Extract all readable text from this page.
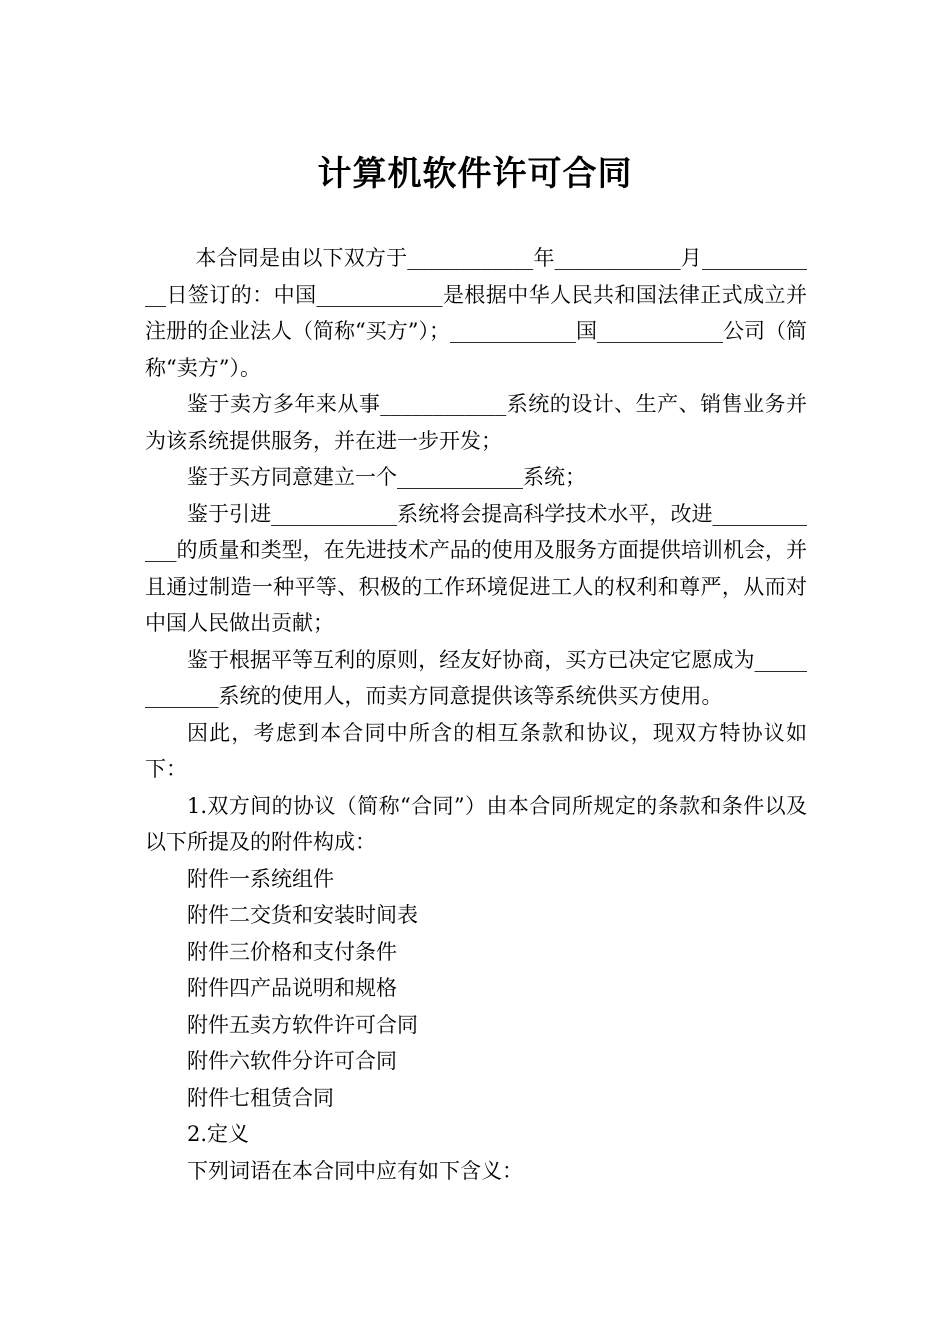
计算机软件许可合同

本合同是由以下双方于____________年____________月____________日签订的：中国____________是根据中华人民共和国法律正式成立并注册的企业法人（简称“买方”）；____________国____________公司（简称“卖方”）。

鉴于卖方多年来从事____________系统的设计、生产、销售业务并为该系统提供服务，并在进一步开发；

鉴于买方同意建立一个____________系统；

鉴于引进____________系统将会提高科学技术水平，改进____________的质量和类型，在先进技术产品的使用及服务方面提供培训机会，并且通过制造一种平等、积极的工作环境促进工人的权利和尊严，从而对中国人民做出贡献；

鉴于根据平等互利的原则，经友好协商，买方已决定它愿成为____________系统的使用人，而卖方同意提供该等系统供买方使用。

因此，考虑到本合同中所含的相互条款和协议，现双方特协议如下：

1.双方间的协议（简称“合同”）由本合同所规定的条款和条件以及以下所提及的附件构成：

附件一系统组件

附件二交货和安装时间表

附件三价格和支付条件

附件四产品说明和规格

附件五卖方软件许可合同

附件六软件分许可合同

附件七租赁合同

2.定义

下列词语在本合同中应有如下含义：
